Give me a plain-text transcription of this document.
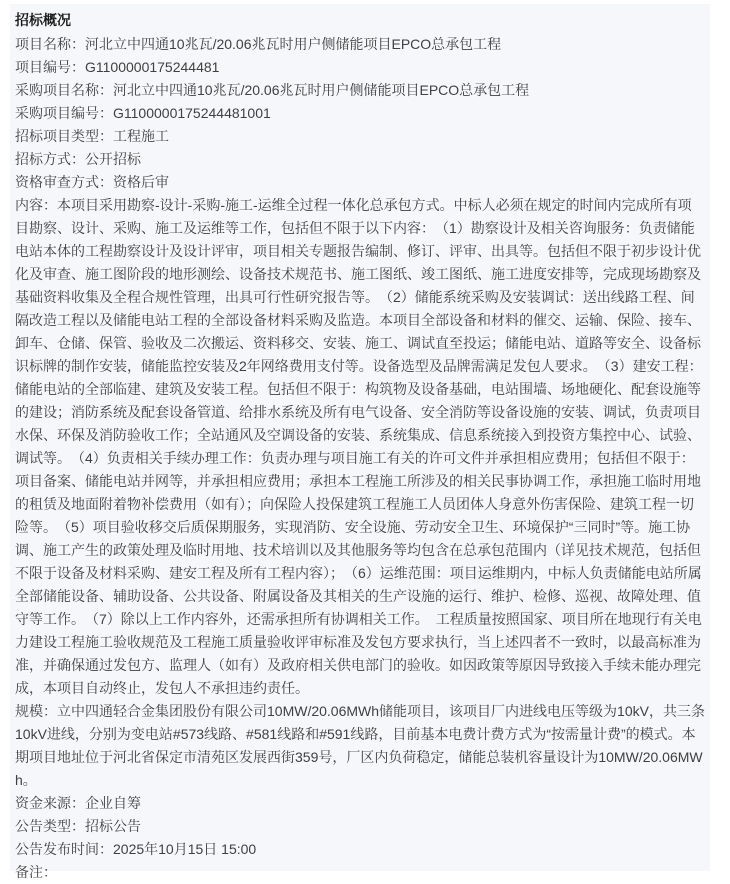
招标概况
项目名称：河北立中四通10兆瓦/20.06兆瓦时用户侧储能项目EPCO总承包工程
项目编号：G1100000175244481
采购项目名称：河北立中四通10兆瓦/20.06兆瓦时用户侧储能项目EPCO总承包工程
采购项目编号：G1100000175244481001
招标项目类型：工程施工
招标方式：公开招标
资格审查方式：资格后审
内容：本项目采用勘察-设计-采购-施工-运维全过程一体化总承包方式。中标人必须在规定的时间内完成所有项目勘察、设计、采购、施工及运维等工作，包括但不限于以下内容：　（1）勘察设计及相关咨询服务：负责储能电站本体的工程勘察设计及设计评审，项目相关专题报告编制、修订、评审、出具等。包括但不限于初步设计优化及审查、施工图阶段的地形测绘、设备技术规范书、施工图纸、竣工图纸、施工进度安排等，完成现场勘察及基础资料收集及全程合规性管理，出具可行性研究报告等。　（2）储能系统采购及安装调试：送出线路工程、间隔改造工程以及储能电站工程的全部设备材料采购及监造。本项目全部设备和材料的催交、运输、保险、接车、卸车、仓储、保管、验收及二次搬运、资料移交、安装、施工、调试直至投运；储能电站、道路等安全、设备标识标牌的制作安装，储能监控安装及2年网络费用支付等。设备选型及品牌需满足发包人要求。　（3）建安工程：储能电站的全部临建、建筑及安装工程。包括但不限于：构筑物及设备基础，电站围墙、场地硬化、配套设施等的建设；消防系统及配套设备管道、给排水系统及所有电气设备、安全消防等设备设施的安装、调试，负责项目水保、环保及消防验收工作；全站通风及空调设备的安装、系统集成、信息系统接入到投资方集控中心、试验、调试等。　（4）负责相关手续办理工作：负责办理与项目施工有关的许可文件并承担相应费用；包括但不限于：项目备案、储能电站并网等，并承担相应费用；承担本工程施工所涉及的相关民事协调工作，承担施工临时用地的租赁及地面附着物补偿费用（如有）；向保险人投保建筑工程施工人员团体人身意外伤害保险、建筑工程一切险等。　（5）项目验收移交后质保期服务，实现消防、安全设施、劳动安全卫生、环境保护“三同时”等。施工协调、施工产生的政策处理及临时用地、技术培训以及其他服务等均包含在总承包范围内（详见技术规范，包括但不限于设备及材料采购、建安工程及所有工程内容）；　（6）运维范围：项目运维期内，中标人负责储能电站所属全部储能设备、辅助设备、公共设备、附属设备及其相关的生产设施的运行、维护、检修、巡视、故障处理、值守等工作。　（7）除以上工作内容外，还需承担所有协调相关工作。　工程质量按照国家、项目所在地现行有关电力建设工程施工验收规范及工程施工质量验收评审标准及发包方要求执行，当上述四者不一致时，以最高标准为准，并确保通过发包方、监理人（如有）及政府相关供电部门的验收。如因政策等原因导致接入手续未能办理完成，本项目自动终止，发包人不承担违约责任。
规模：立中四通轻合金集团股份有限公司10MW/20.06MWh储能项目，该项目厂内进线电压等级为10kV，共三条10kV进线，分别为变电站#573线路、#581线路和#591线路，目前基本电费计费方式为“按需量计费”的模式。本期项目地址位于河北省保定市清苑区发展西街359号，厂区内负荷稳定，储能总装机容量设计为10MW/20.06MWh。
资金来源：企业自筹
公告类型：招标公告
公告发布时间：2025年10月15日 15:00
备注：
